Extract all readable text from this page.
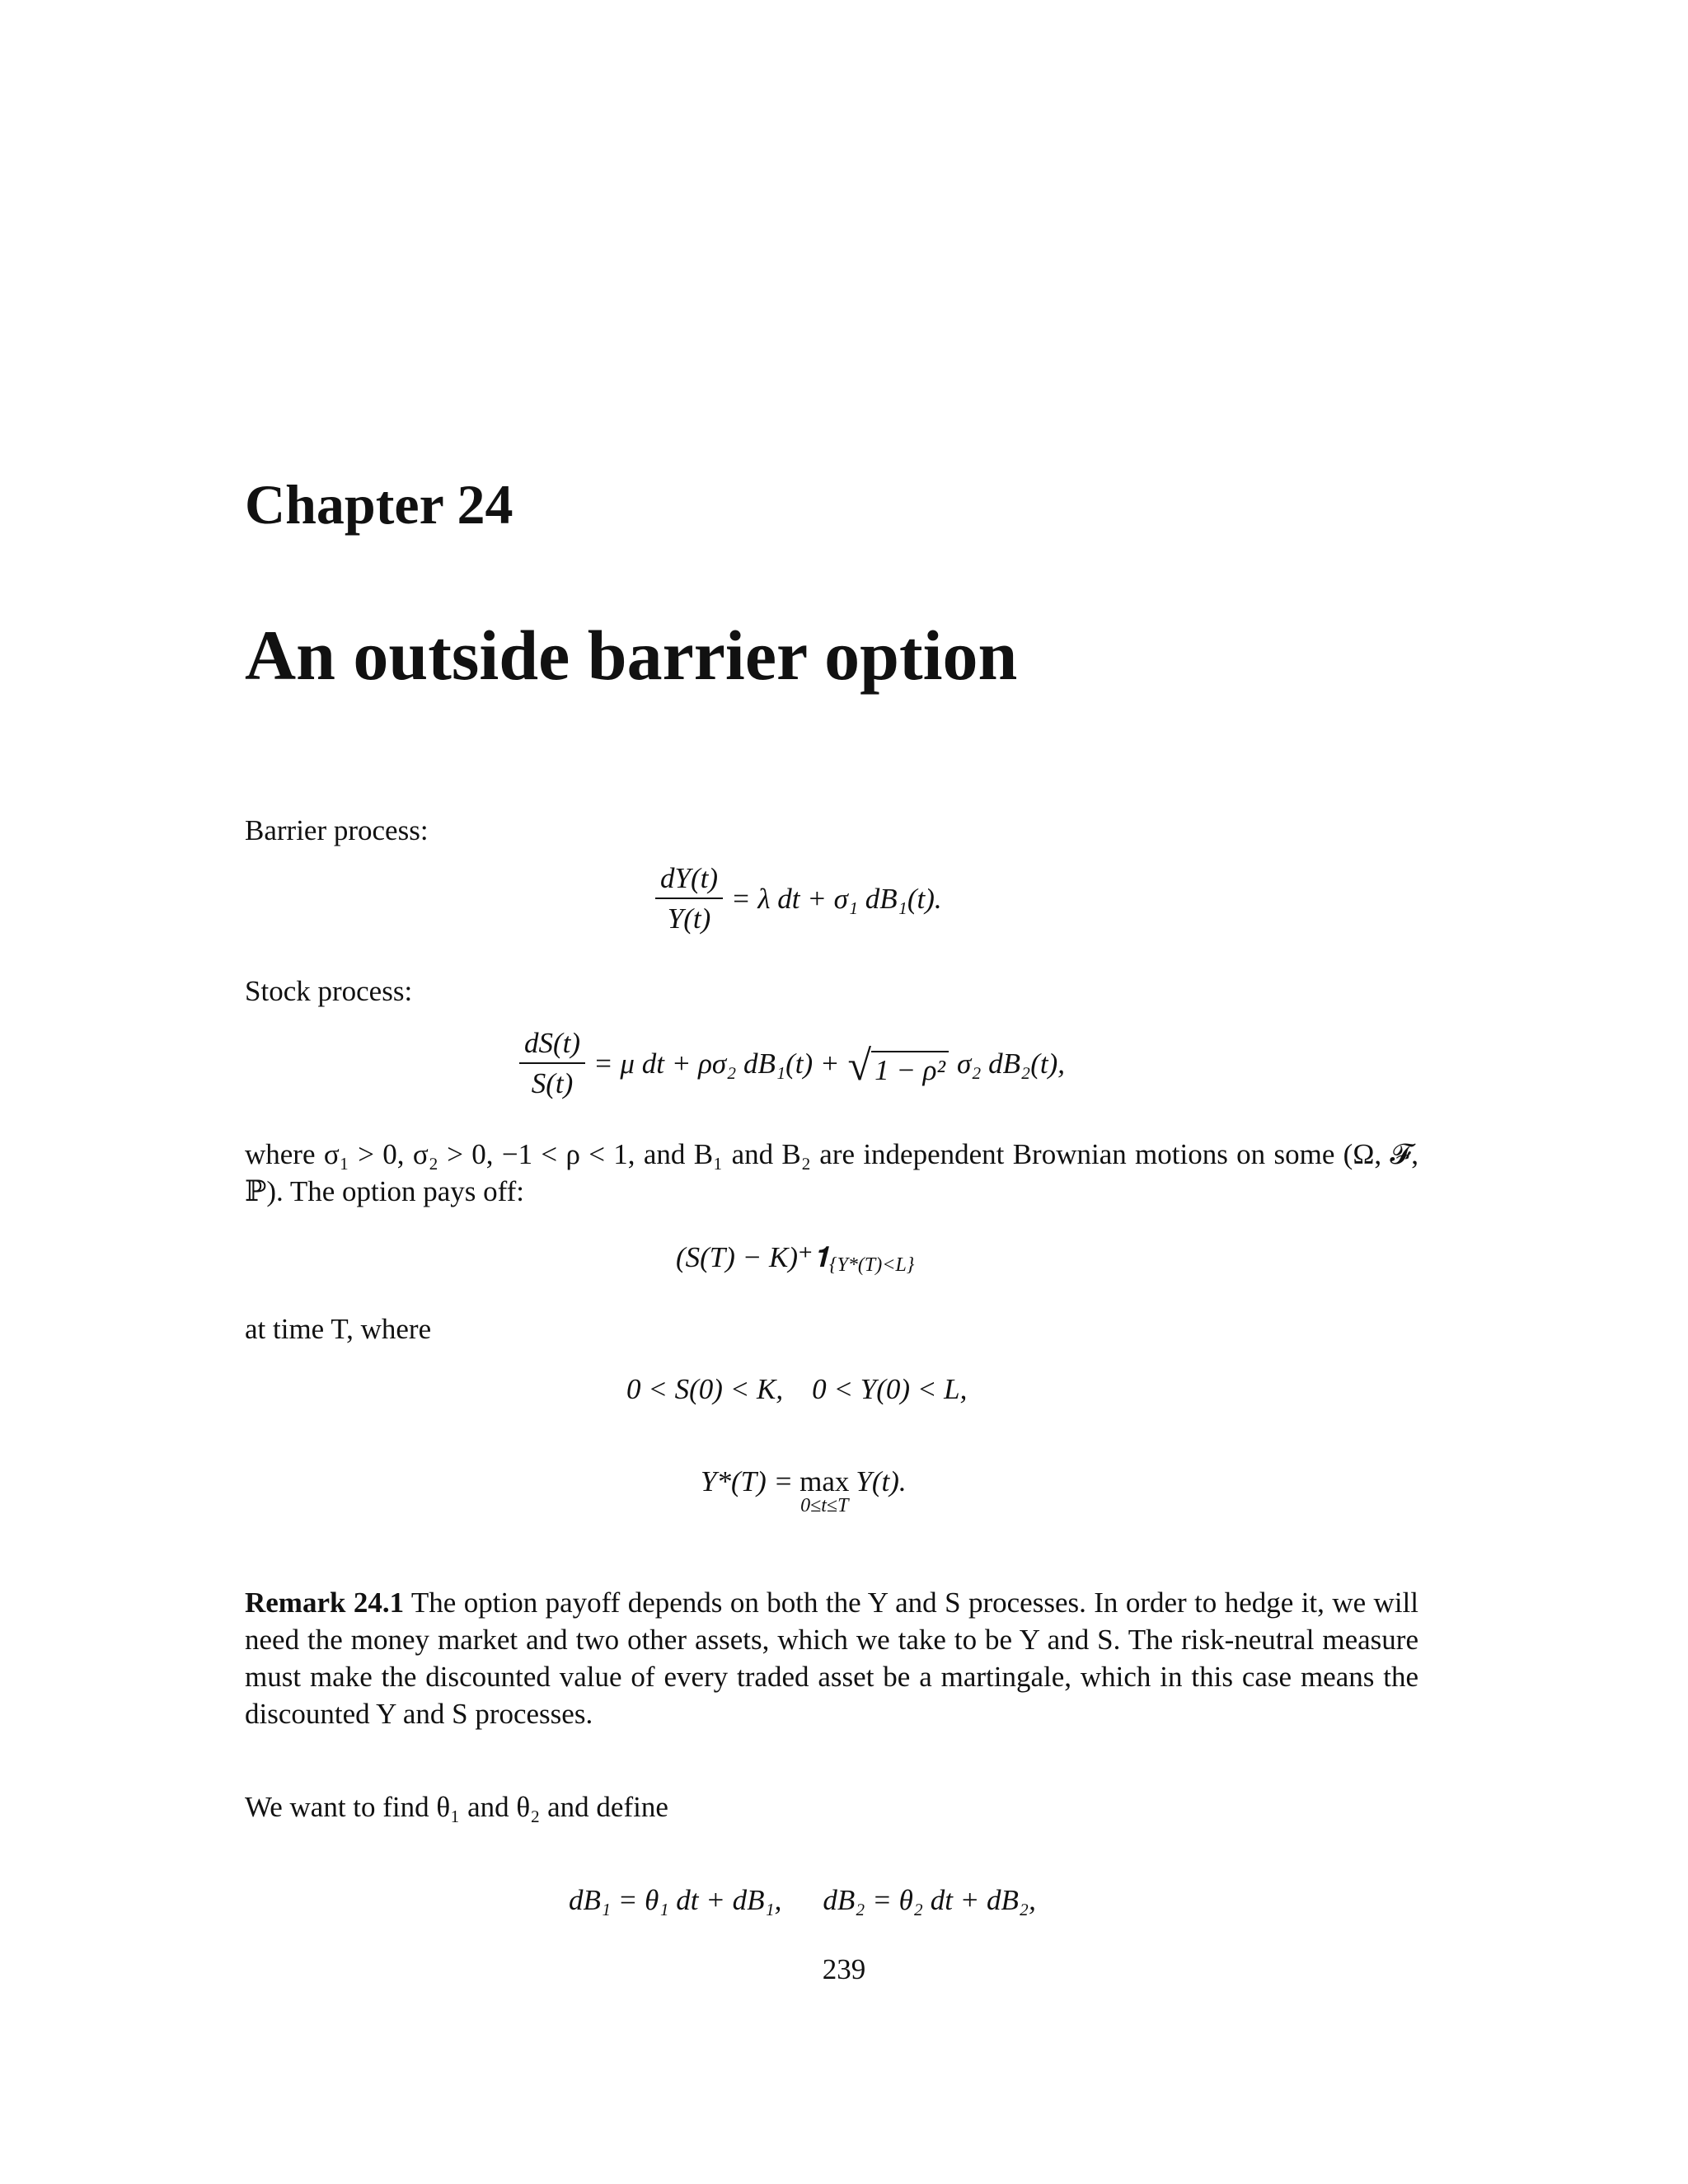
Chapter 24
An outside barrier option
Barrier process:
$\frac{dY(t)}{Y(t)} = \lambda$ dt + σ₁ dB₁(t).
Stock process:
$\frac{dS(t)}{S(t)} = \mu$ dt + ρσ₂ dB₁(t) + √ 1 − ρ² σ₂ dB₂(t),

where σ₁ > 0, σ₂ > 0, −1 < ρ < 1, and B₁ and B₂ are independent Brownian motions on some (Ω, 𝓕, ℙ). The option pays off:

$(S(T) - K)^+𝟏_{\{Y*(T)<L\}}$
at time T, where
0 < S(0) < K,    0 < Y(0) < L,
Y*(T) = max
0≤t≤T
Y(t).

Remark 24.1 The option payoff depends on both the Y and S processes. In order to hedge it, we will need the money market and two other assets, which we take to be Y and S. The risk-neutral measure must make the discounted value of every traded asset be a martingale, which in this case means the discounted Y and S processes.

We want to find θ₁ and θ₂ and define
dB₁ = θ₁ dt + dB₁, dB₂ = θ₂ dt + dB₂,
239
